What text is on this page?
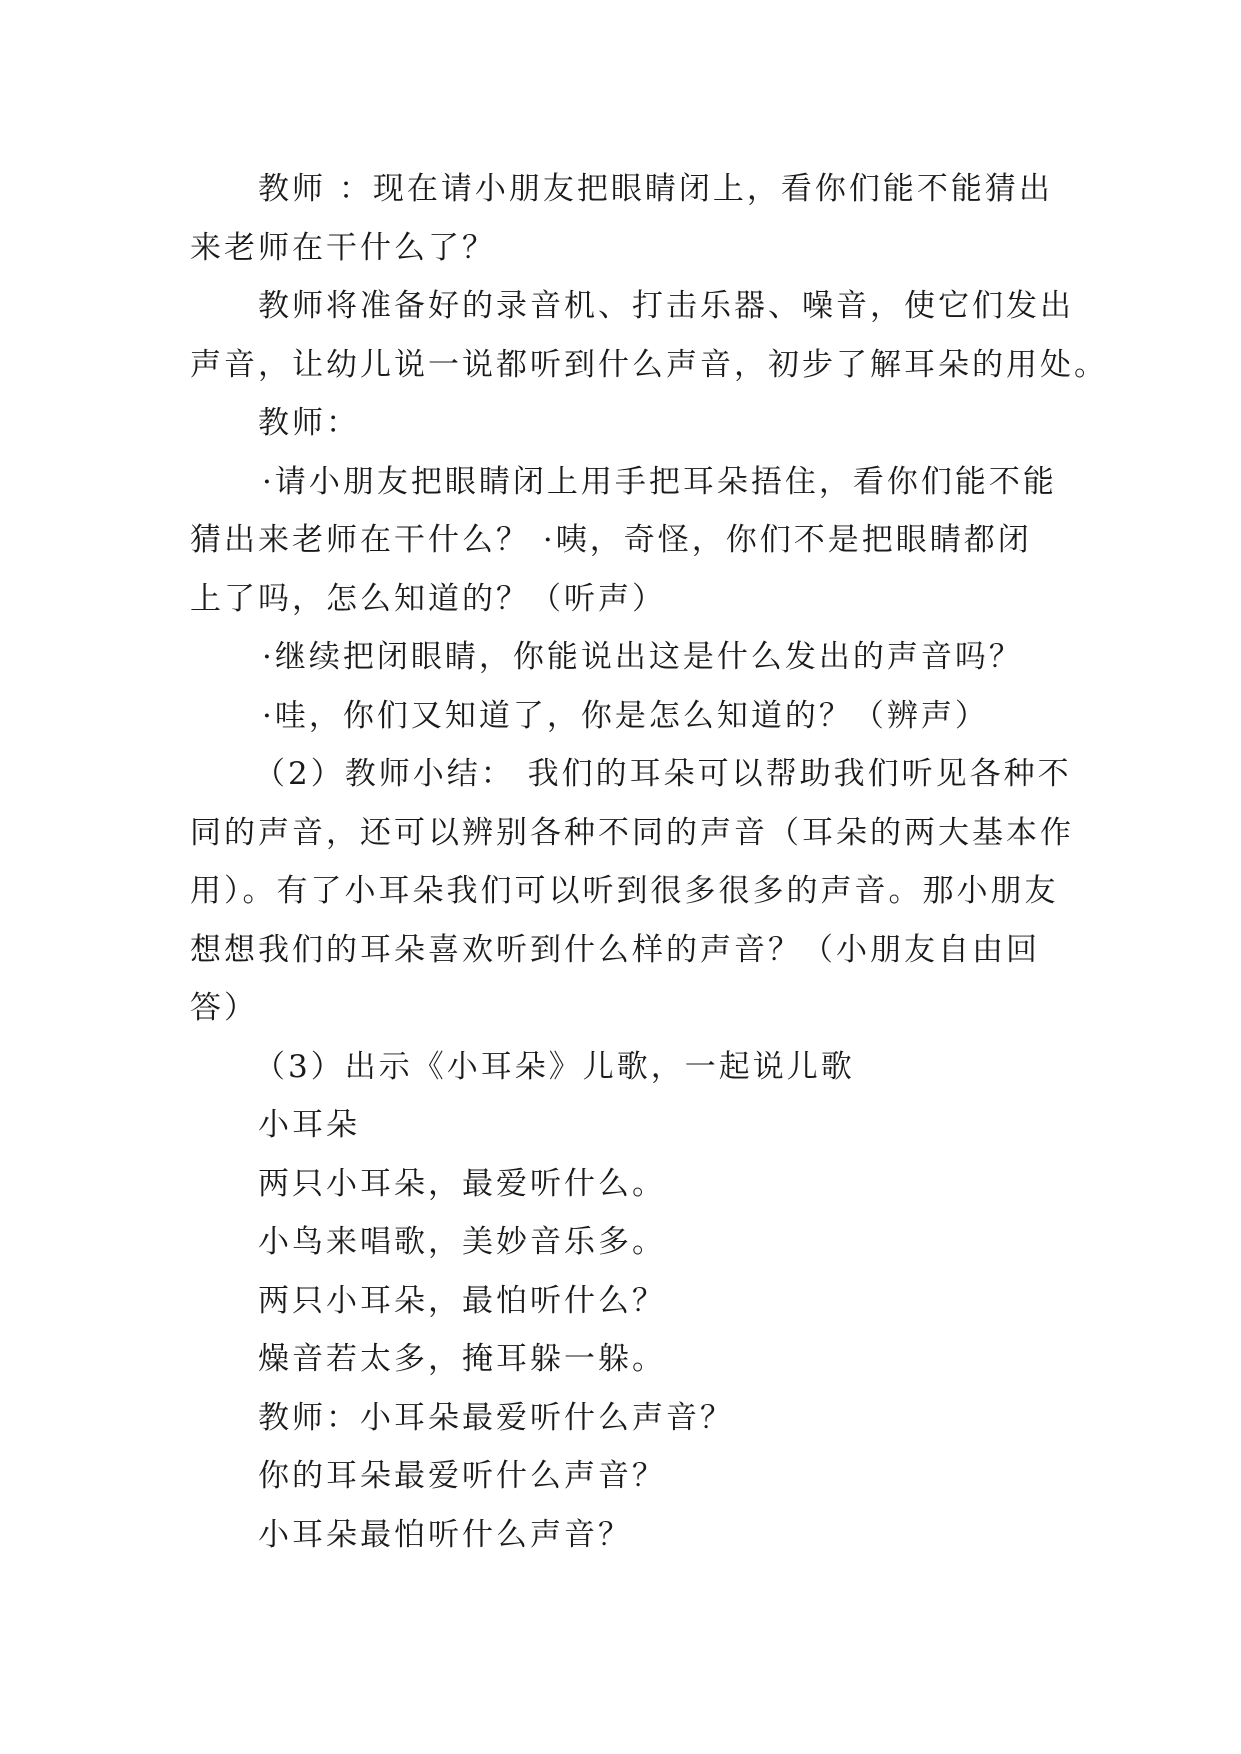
教师 ：现在请小朋友把眼睛闭上，看你们能不能猜出
来老师在干什么了？

教师将准备好的录音机、打击乐器、噪音，使它们发出
声音，让幼儿说一说都听到什么声音，初步了解耳朵的用处。

教师：

·请小朋友把眼睛闭上用手把耳朵捂住，看你们能不能
猜出来老师在干什么？ ·咦，奇怪，你们不是把眼睛都闭
上了吗，怎么知道的？（听声）

·继续把闭眼睛，你能说出这是什么发出的声音吗？

·哇，你们又知道了，你是怎么知道的？（辨声）

（2）教师小结： 我们的耳朵可以帮助我们听见各种不
同的声音，还可以辨别各种不同的声音（耳朵的两大基本作
用）。有了小耳朵我们可以听到很多很多的声音。那小朋友
想想我们的耳朵喜欢听到什么样的声音？（小朋友自由回
答）

（3）出示《小耳朵》儿歌，一起说儿歌

小耳朵

两只小耳朵，最爱听什么。

小鸟来唱歌，美妙音乐多。

两只小耳朵，最怕听什么？

燥音若太多，掩耳躲一躲。

教师：小耳朵最爱听什么声音？

你的耳朵最爱听什么声音？

小耳朵最怕听什么声音？
